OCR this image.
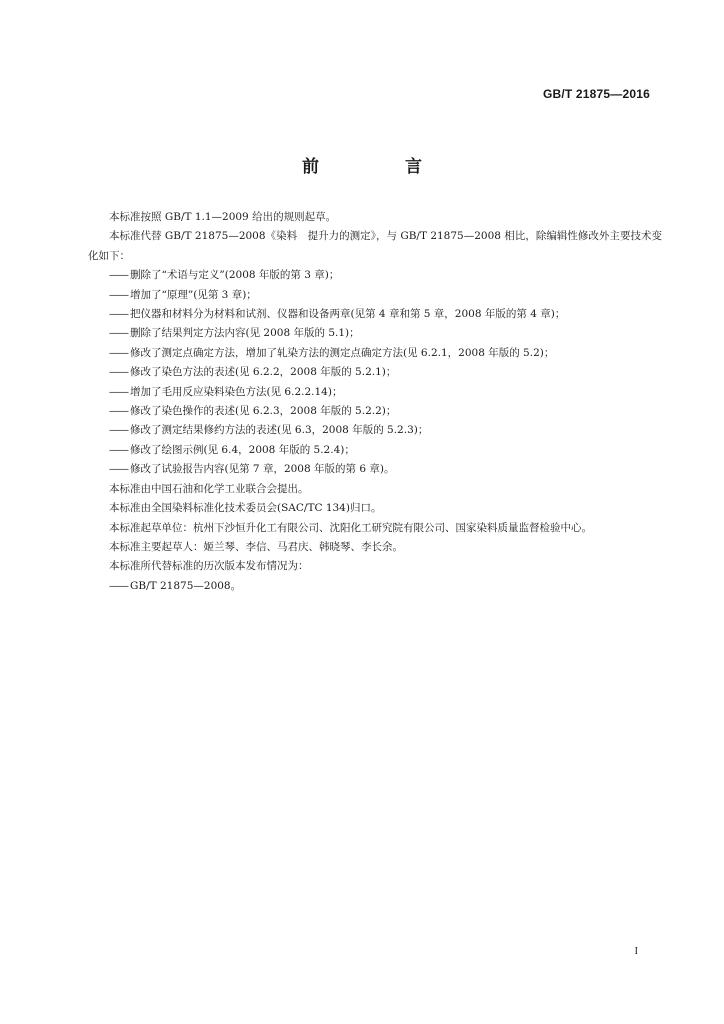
GB/T 21875—2016
前 言
本标准按照 GB/T 1.1—2009 给出的规则起草。
本标准代替 GB/T 21875—2008《染料　提升力的测定》，与 GB/T 21875—2008 相比，除编辑性修改外主要技术变化如下：
—— 删除了“术语与定义”(2008 年版的第 3 章)；
—— 增加了“原理”(见第 3 章)；
—— 把仪器和材料分为材料和试剂、仪器和设备两章(见第 4 章和第 5 章，2008 年版的第 4 章)；
—— 删除了结果判定方法内容(见 2008 年版的 5.1)；
—— 修改了测定点确定方法，增加了轧染方法的测定点确定方法(见 6.2.1，2008 年版的 5.2)；
—— 修改了染色方法的表述(见 6.2.2，2008 年版的 5.2.1)；
—— 增加了毛用反应染料染色方法(见 6.2.2.14)；
—— 修改了染色操作的表述(见 6.2.3，2008 年版的 5.2.2)；
—— 修改了测定结果修约方法的表述(见 6.3，2008 年版的 5.2.3)；
—— 修改了绘图示例(见 6.4，2008 年版的 5.2.4)；
—— 修改了试验报告内容(见第 7 章，2008 年版的第 6 章)。
本标准由中国石油和化学工业联合会提出。
本标准由全国染料标准化技术委员会(SAC/TC 134)归口。
本标准起草单位：杭州下沙恒升化工有限公司、沈阳化工研究院有限公司、国家染料质量监督检验中心。
本标准主要起草人：姬兰琴、李信、马君庆、韩晓琴、李长余。
本标准所代替标准的历次版本发布情况为：
—— GB/T 21875—2008。
I
